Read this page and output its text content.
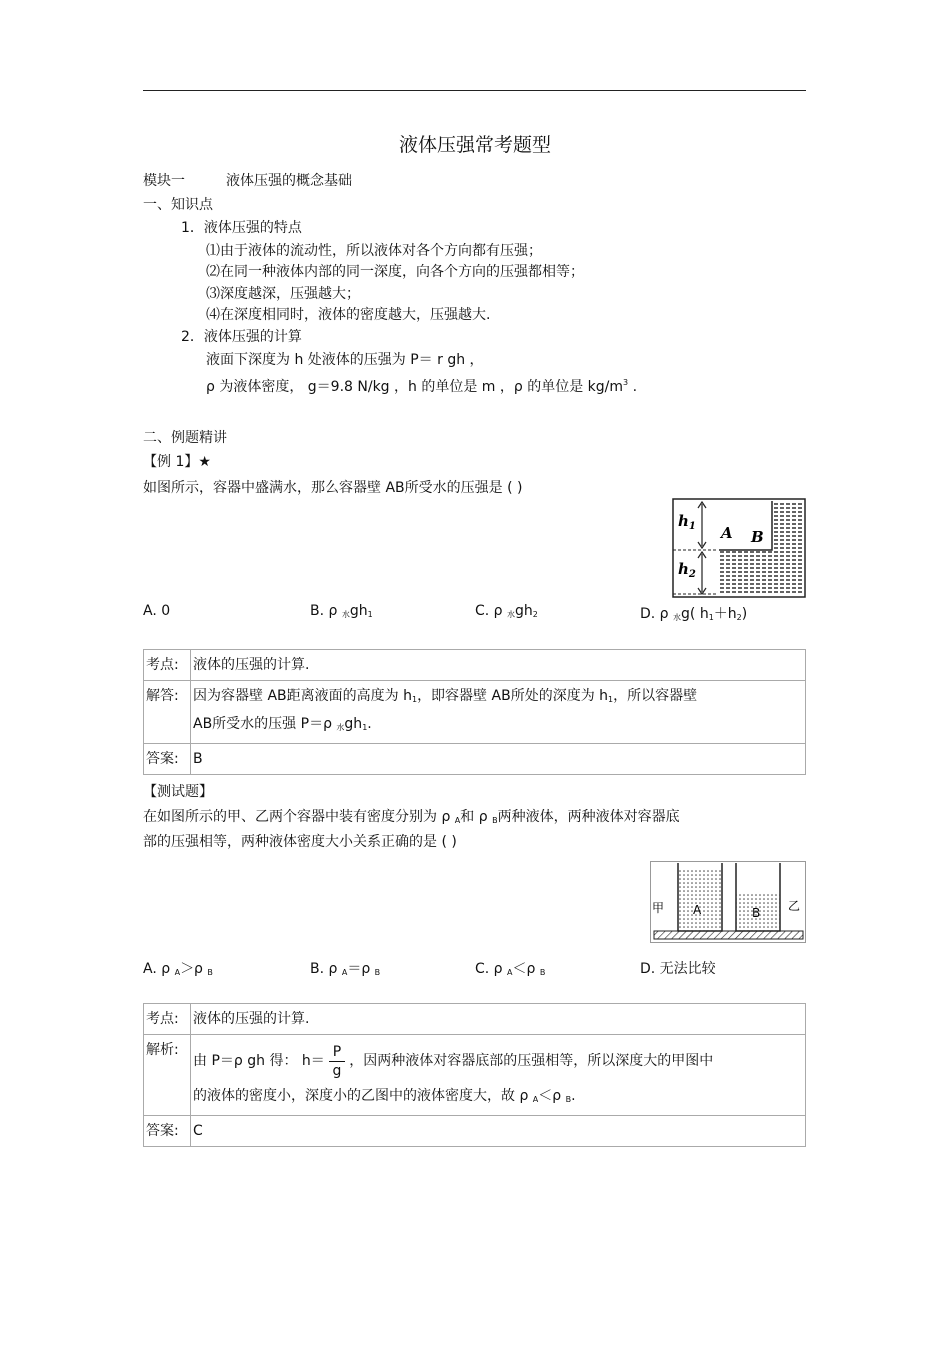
液体压强常考题型
模块一	液体压强的概念基础
一、知识点
1．液体压强的特点
⑴由于液体的流动性，所以液体对各个方向都有压强；
⑵在同一种液体内部的同一深度，向各个方向的压强都相等；
⑶深度越深，压强越大；
⑷在深度相同时，液体的密度越大，压强越大.
2．液体压强的计算
液面下深度为 h 处液体的压强为 P＝ r gh ，
ρ 为液体密度， g＝9.8 N/kg ，h 的单位是 m ，ρ 的单位是 $kg/m^3$ .
二、例题精讲
【例 1】★
如图所示，容器中盛满水，那么容器壁 AB所受水的压强是 ( )
$h_1$
$h_2$
A B
A. 0	B. ρ $_水gh_1$	C. ρ $_水gh_2$	D. ρ $_水$g( $h_1+h_2$)
考点:	液体的压强的计算.
解答:	因为容器壁 AB距离液面的高度为 $h_1$，即容器壁 AB所处的深度为 $h_1$，所以容器壁
AB所受水的压强 P＝ρ $_水gh_1$.
答案:	B
【测试题】
在如图所示的甲、乙两个容器中装有密度分别为 ρ $_A$和 ρ $_B$两种液体，两种液体对容器底
部的压强相等，两种液体密度大小关系正确的是 ( )
甲	乙
A	B
A. ρ $_A$＞ρ $_B$	B. ρ $_A$＝ρ $_B$	C. ρ $_A$＜ρ $_B$	D. 无法比较
考点:	液体的压强的计算.
解析:	由 P＝ρ gh 得： $h= \frac{P}{g}$ ，因两种液体对容器底部的压强相等，所以深度大的甲图中
的液体的密度小，深度小的乙图中的液体密度大，故 ρ $_A$＜ρ $_B$.

答案:	C
